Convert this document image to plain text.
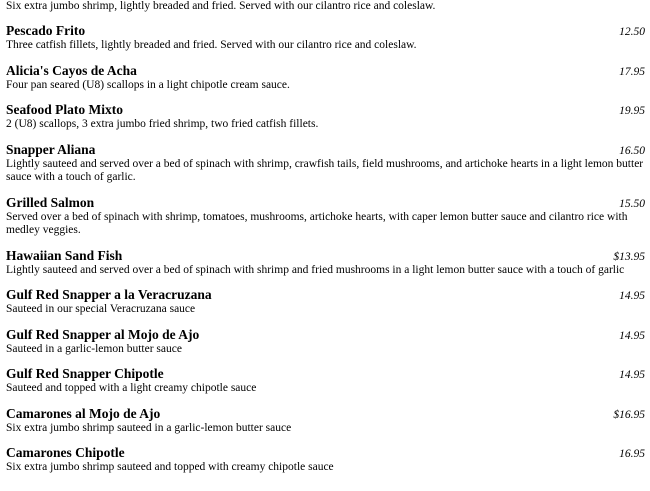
Six extra jumbo shrimp, lightly breaded and fried. Served with our cilantro rice and coleslaw.
Pescado Frito	12.50
Three catfish fillets, lightly breaded and fried. Served with our cilantro rice and coleslaw.
Alicia's Cayos de Acha	17.95
Four pan seared (U8) scallops in a light chipotle cream sauce.
Seafood Plato Mixto	19.95
2 (U8) scallops, 3 extra jumbo fried shrimp, two fried catfish fillets.
Snapper Aliana	16.50
Lightly sauteed and served over a bed of spinach with shrimp, crawfish tails, field mushrooms, and artichoke hearts in a light lemon butter sauce with a touch of garlic.
Grilled Salmon	15.50
Served over a bed of spinach with shrimp, tomatoes, mushrooms, artichoke hearts, with caper lemon butter sauce and cilantro rice with medley veggies.
Hawaiian Sand Fish	$13.95
Lightly sauteed and served over a bed of spinach with shrimp and fried mushrooms in a light lemon butter sauce with a touch of garlic
Gulf Red Snapper a la Veracruzana	14.95
Sauteed in our special Veracruzana sauce
Gulf Red Snapper al Mojo de Ajo	14.95
Sauteed in a garlic-lemon butter sauce
Gulf Red Snapper Chipotle	14.95
Sauteed and topped with a light creamy chipotle sauce
Camarones al Mojo de Ajo	$16.95
Six extra jumbo shrimp sauteed in a garlic-lemon butter sauce
Camarones Chipotle	16.95
Six extra jumbo shrimp sauteed and topped with creamy chipotle sauce
